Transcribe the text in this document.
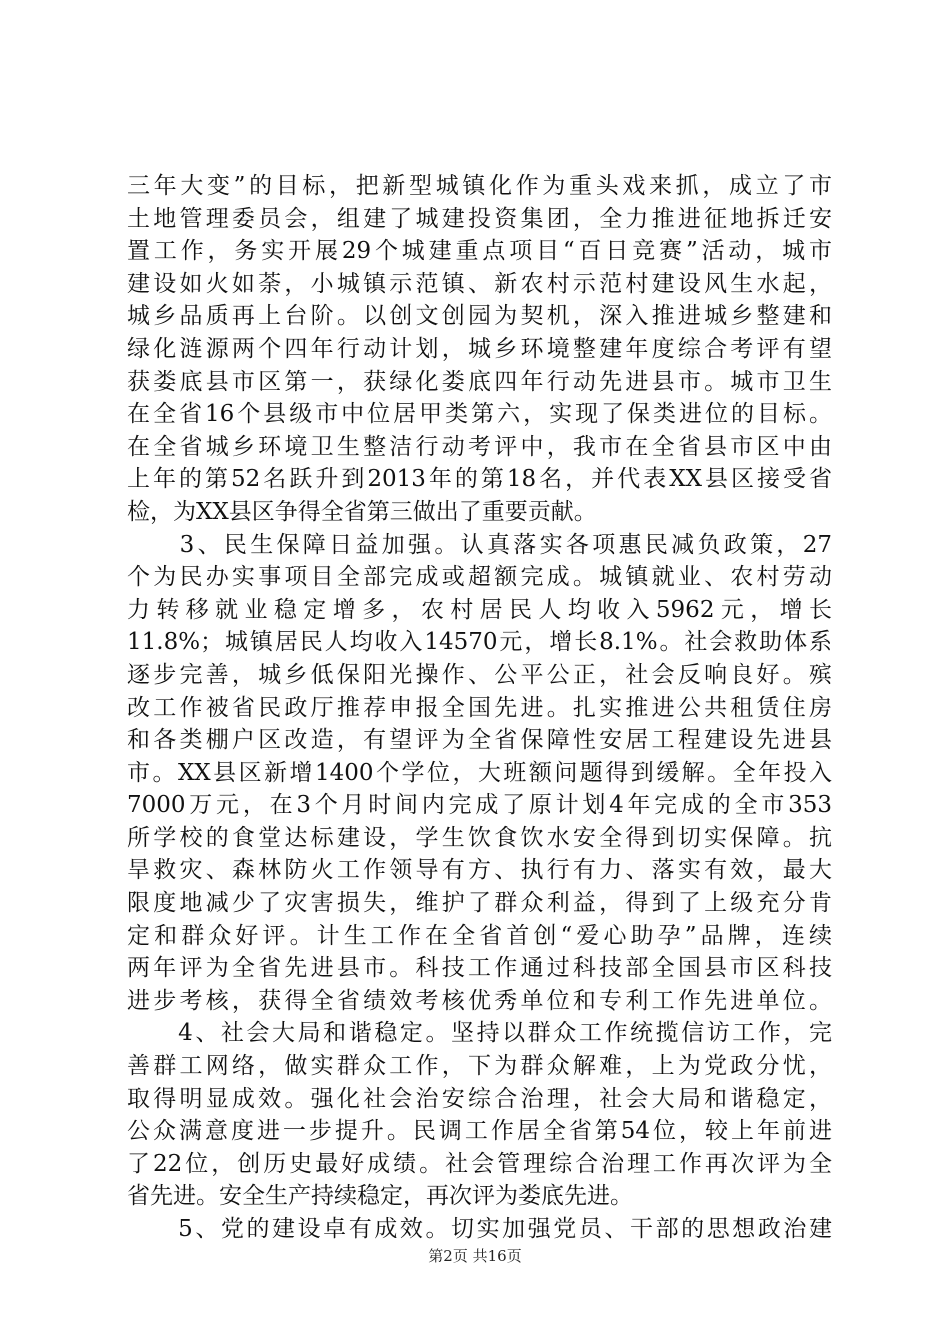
三年大变”的目标，把新型城镇化作为重头戏来抓，成立了市
土地管理委员会，组建了城建投资集团，全力推进征地拆迁安
置工作，务实开展29个城建重点项目“百日竞赛”活动，城市
建设如火如荼，小城镇示范镇、新农村示范村建设风生水起，
城乡品质再上台阶。以创文创园为契机，深入推进城乡整建和
绿化涟源两个四年行动计划，城乡环境整建年度综合考评有望
获娄底县市区第一，获绿化娄底四年行动先进县市。城市卫生
在全省16个县级市中位居甲类第六，实现了保类进位的目标。
在全省城乡环境卫生整洁行动考评中，我市在全省县市区中由
上年的第52名跃升到2013年的第18名，并代表XX县区接受省
检，为XX县区争得全省第三做出了重要贡献。
　　3、民生保障日益加强。认真落实各项惠民减负政策，27
个为民办实事项目全部完成或超额完成。城镇就业、农村劳动
力转移就业稳定增多，农村居民人均收入5962元，增长
11.8%；城镇居民人均收入14570元，增长8.1%。社会救助体系
逐步完善，城乡低保阳光操作、公平公正，社会反响良好。殡
改工作被省民政厅推荐申报全国先进。扎实推进公共租赁住房
和各类棚户区改造，有望评为全省保障性安居工程建设先进县
市。XX县区新增1400个学位，大班额问题得到缓解。全年投入
7000万元，在3个月时间内完成了原计划4年完成的全市353
所学校的食堂达标建设，学生饮食饮水安全得到切实保障。抗
旱救灾、森林防火工作领导有方、执行有力、落实有效，最大
限度地减少了灾害损失，维护了群众利益，得到了上级充分肯
定和群众好评。计生工作在全省首创“爱心助孕”品牌，连续
两年评为全省先进县市。科技工作通过科技部全国县市区科技
进步考核，获得全省绩效考核优秀单位和专利工作先进单位。
　　4、社会大局和谐稳定。坚持以群众工作统揽信访工作，完
善群工网络，做实群众工作，下为群众解难，上为党政分忧，
取得明显成效。强化社会治安综合治理，社会大局和谐稳定，
公众满意度进一步提升。民调工作居全省第54位，较上年前进
了22位，创历史最好成绩。社会管理综合治理工作再次评为全
省先进。安全生产持续稳定，再次评为娄底先进。
　　5、党的建设卓有成效。切实加强党员、干部的思想政治建
第2页 共16页
